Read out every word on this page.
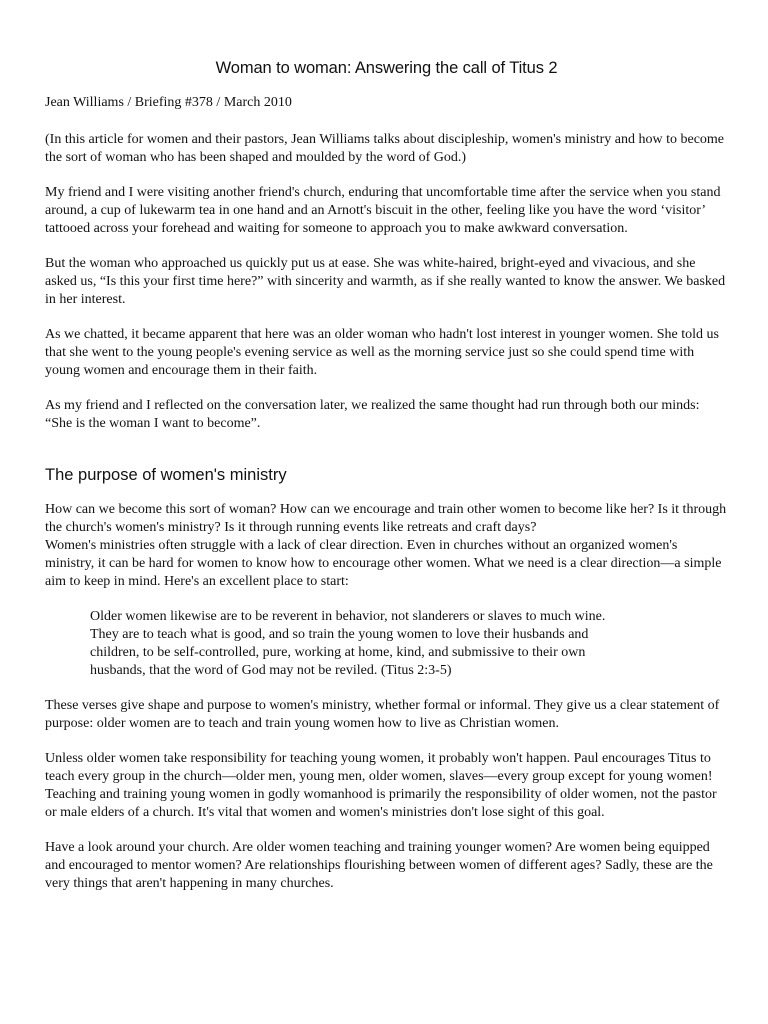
Woman to woman: Answering the call of Titus 2

Jean Williams / Briefing #378 / March 2010

(In this article for women and their pastors, Jean Williams talks about discipleship, women's ministry and how to become the sort of woman who has been shaped and moulded by the word of God.)

My friend and I were visiting another friend's church, enduring that uncomfortable time after the service when you stand around, a cup of lukewarm tea in one hand and an Arnott's biscuit in the other, feeling like you have the word ‘visitor’ tattooed across your forehead and waiting for someone to approach you to make awkward conversation.

But the woman who approached us quickly put us at ease. She was white-haired, bright-eyed and vivacious, and she asked us, “Is this your first time here?” with sincerity and warmth, as if she really wanted to know the answer. We basked in her interest.

As we chatted, it became apparent that here was an older woman who hadn't lost interest in younger women. She told us that she went to the young people's evening service as well as the morning service just so she could spend time with young women and encourage them in their faith.

As my friend and I reflected on the conversation later, we realized the same thought had run through both our minds: “She is the woman I want to become”.

The purpose of women's ministry

How can we become this sort of woman? How can we encourage and train other women to become like her? Is it through the church's women's ministry? Is it through running events like retreats and craft days?
Women's ministries often struggle with a lack of clear direction. Even in churches without an organized women's ministry, it can be hard for women to know how to encourage other women. What we need is a clear direction—a simple aim to keep in mind. Here's an excellent place to start:

Older women likewise are to be reverent in behavior, not slanderers or slaves to much wine.
They are to teach what is good, and so train the young women to love their husbands and
children, to be self-controlled, pure, working at home, kind, and submissive to their own
husbands, that the word of God may not be reviled. (Titus 2:3-5)

These verses give shape and purpose to women's ministry, whether formal or informal. They give us a clear statement of purpose: older women are to teach and train young women how to live as Christian women.

Unless older women take responsibility for teaching young women, it probably won't happen. Paul encourages Titus to teach every group in the church—older men, young men, older women, slaves—every group except for young women! Teaching and training young women in godly womanhood is primarily the responsibility of older women, not the pastor or male elders of a church. It's vital that women and women's ministries don't lose sight of this goal.

Have a look around your church. Are older women teaching and training younger women? Are women being equipped and encouraged to mentor women? Are relationships flourishing between women of different ages? Sadly, these are the very things that aren't happening in many churches.
